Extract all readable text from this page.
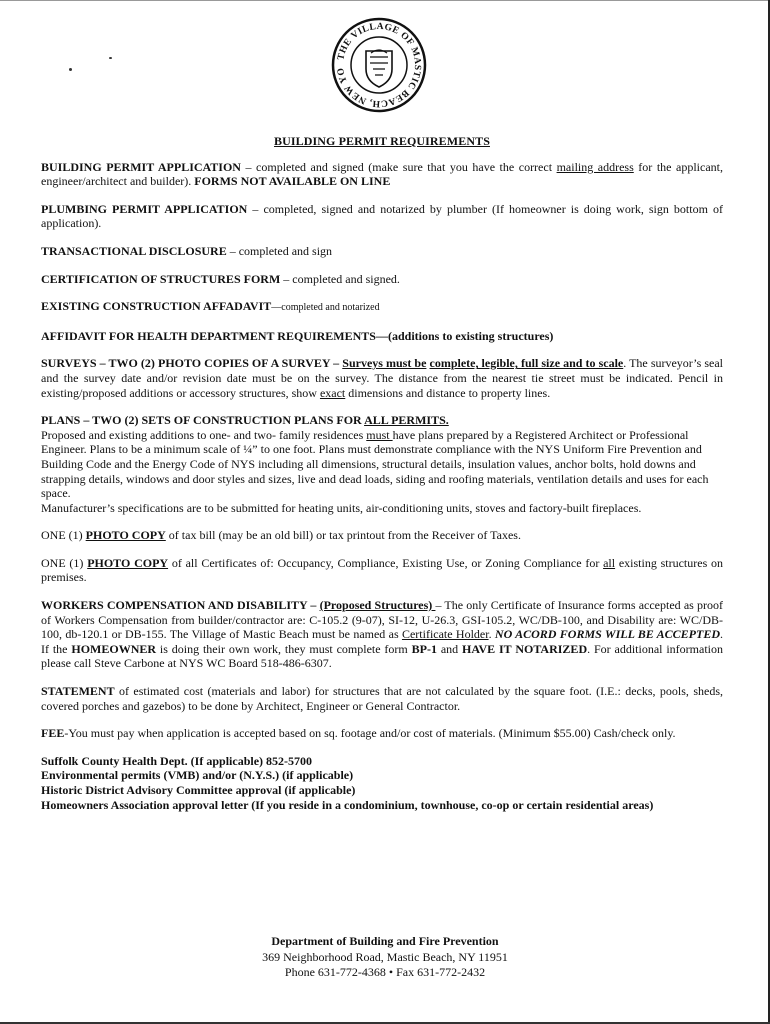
THE VILLAGE OF MASTIC BEACH, NEW YO
BUILDING PERMIT REQUIREMENTS

BUILDING PERMIT APPLICATION – completed and signed (make sure that you have the correct mailing address for the applicant, engineer/architect and builder). FORMS NOT AVAILABLE ON LINE

PLUMBING PERMIT APPLICATION – completed, signed and notarized by plumber (If homeowner is doing work, sign bottom of application).

TRANSACTIONAL DISCLOSURE – completed and sign

CERTIFICATION OF STRUCTURES FORM – completed and signed.

EXISTING CONSTRUCTION AFFADAVIT—completed and notarized

AFFIDAVIT FOR HEALTH DEPARTMENT REQUIREMENTS—(additions to existing structures)

SURVEYS – TWO (2) PHOTO COPIES OF A SURVEY – Surveys must be complete, legible, full size and to scale. The surveyor’s seal and the survey date and/or revision date must be on the survey. The distance from the nearest tie street must be indicated. Pencil in existing/proposed additions or accessory structures, show exact dimensions and distance to property lines.

PLANS – TWO (2) SETS OF CONSTRUCTION PLANS FOR ALL PERMITS.
Proposed and existing additions to one- and two- family residences must have plans prepared by a Registered Architect or Professional Engineer. Plans to be a minimum scale of ¼” to one foot. Plans must demonstrate compliance with the NYS Uniform Fire Prevention and Building Code and the Energy Code of NYS including all dimensions, structural details, insulation values, anchor bolts, hold downs and strapping details, windows and door styles and sizes, live and dead loads, siding and roofing materials, ventilation details and uses for each space.
Manufacturer’s specifications are to be submitted for heating units, air-conditioning units, stoves and factory-built fireplaces.

ONE (1) PHOTO COPY of tax bill (may be an old bill) or tax printout from the Receiver of Taxes.

ONE (1) PHOTO COPY of all Certificates of: Occupancy, Compliance, Existing Use, or Zoning Compliance for all existing structures on premises.

WORKERS COMPENSATION AND DISABILITY – (Proposed Structures) – The only Certificate of Insurance forms accepted as proof of Workers Compensation from builder/contractor are: C-105.2 (9-07), SI-12, U-26.3, GSI-105.2, WC/DB-100, and Disability are: WC/DB-100, db-120.1 or DB-155. The Village of Mastic Beach must be named as Certificate Holder. NO ACORD FORMS WILL BE ACCEPTED. If the HOMEOWNER is doing their own work, they must complete form BP-1 and HAVE IT NOTARIZED. For additional information please call Steve Carbone at NYS WC Board 518-486-6307.

STATEMENT of estimated cost (materials and labor) for structures that are not calculated by the square foot. (I.E.: decks, pools, sheds, covered porches and gazebos) to be done by Architect, Engineer or General Contractor.

FEE-You must pay when application is accepted based on sq. footage and/or cost of materials. (Minimum $55.00) Cash/check only.

Suffolk County Health Dept. (If applicable) 852-5700
Environmental permits (VMB) and/or (N.Y.S.) (if applicable)
Historic District Advisory Committee approval (if applicable)
Homeowners Association approval letter (If you reside in a condominium, townhouse, co-op or certain residential areas)
Department of Building and Fire Prevention
369 Neighborhood Road, Mastic Beach, NY 11951
Phone 631-772-4368 • Fax 631-772-2432
